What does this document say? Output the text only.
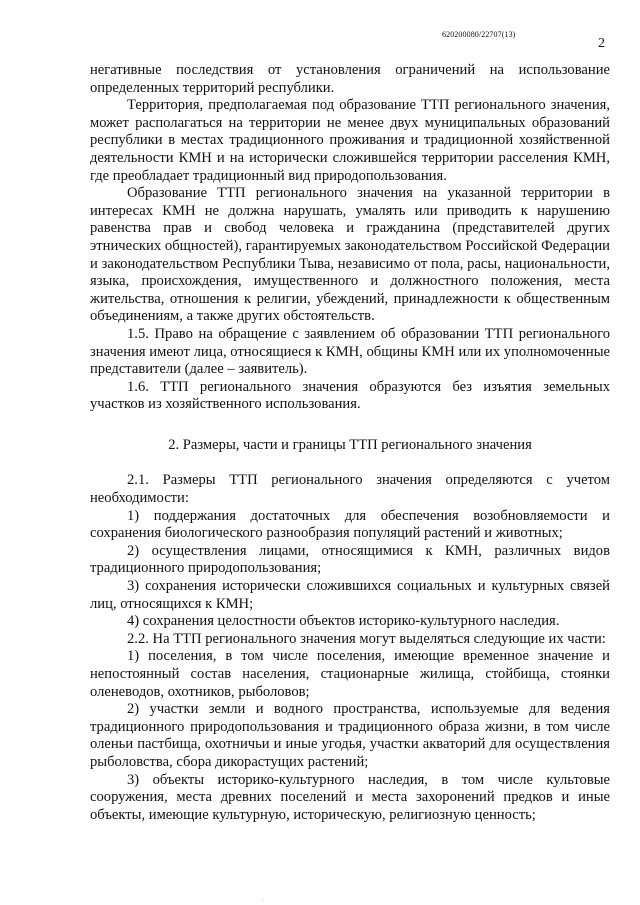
620200080/22707(13)
2

негативные последствия от установления ограничений на использование определенных территорий республики.

Территория, предполагаемая под образование ТТП регионального значения, может располагаться на территории не менее двух муниципальных образований республики в местах традиционного проживания и традиционной хозяйственной деятельности КМН и на исторически сложившейся территории расселения КМН, где преобладает традиционный вид природопользования.

Образование ТТП регионального значения на указанной территории в интересах КМН не должна нарушать, умалять или приводить к нарушению равенства прав и свобод человека и гражданина (представителей других этнических общностей), гарантируемых законодательством Российской Федерации и законодательством Республики Тыва, независимо от пола, расы, национальности, языка, происхождения, имущественного и должностного положения, места жительства, отношения к религии, убеждений, принадлежности к общественным объединениям, а также других обстоятельств.

1.5. Право на обращение с заявлением об образовании ТТП регионального значения имеют лица, относящиеся к КМН, общины КМН или их уполномоченные представители (далее – заявитель).

1.6. ТТП регионального значения образуются без изъятия земельных участков из хозяйственного использования.

2. Размеры, части и границы ТТП регионального значения

2.1. Размеры ТТП регионального значения определяются с учетом необходимости:

1) поддержания достаточных для обеспечения возобновляемости и сохранения биологического разнообразия популяций растений и животных;

2) осуществления лицами, относящимися к КМН, различных видов традиционного природопользования;

3) сохранения исторически сложившихся социальных и культурных связей лиц, относящихся к КМН;

4) сохранения целостности объектов историко-культурного наследия.

2.2. На ТТП регионального значения могут выделяться следующие их части:

1) поселения, в том числе поселения, имеющие временное значение и непостоянный состав населения, стационарные жилища, стойбища, стоянки оленеводов, охотников, рыболовов;

2) участки земли и водного пространства, используемые для ведения традиционного природопользования и традиционного образа жизни, в том числе оленьи пастбища, охотничьи и иные угодья, участки акваторий для осуществления рыболовства, сбора дикорастущих растений;

3) объекты историко-культурного наследия, в том числе культовые сооружения, места древних поселений и места захоронений предков и иные объекты, имеющие культурную, историческую, религиозную ценность;

.
